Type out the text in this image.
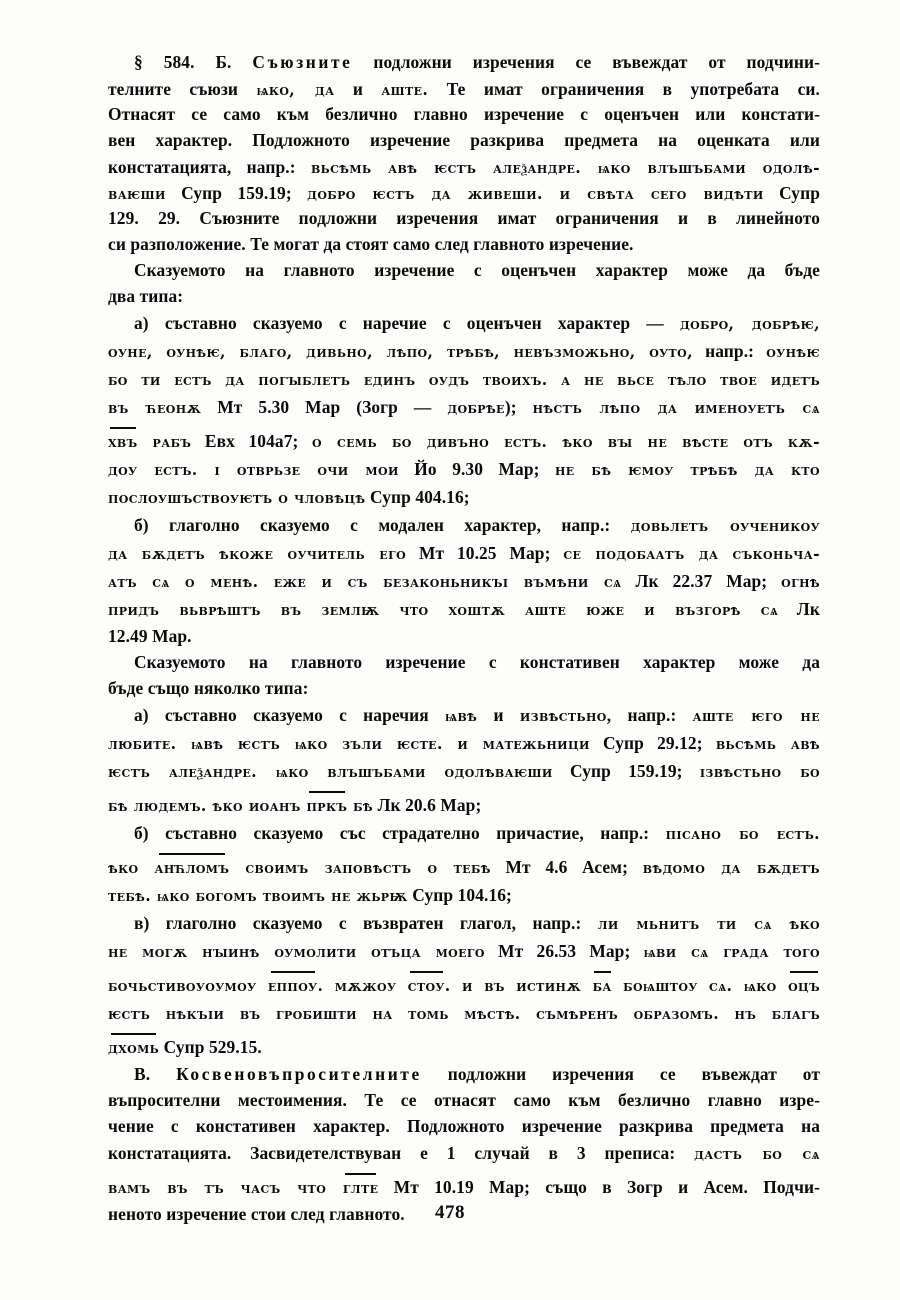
§ 584. Б. Съюзните подложни изречения се въвеждат от подчини-
телните съюзи ѩко, да и аште. Те имат ограничения в употребата си.
Отнасят се само към безлично главно изречение с оценъчен или констати-
вен характер. Подложното изречение разкрива предмета на оценката или
констатацията, напр.: вьсѣмь авѣ ѥстъ алеѯандре. ѩко влъшъбами одолѣ-
ваѥши Супр 159.19; добро ѥстъ да живеши. и свѣта сего видѣти Супр
129. 29. Съюзните подложни изречения имат ограничения и в линейното
си разположение. Те могат да стоят само след главното изречение.
Сказуемото на главното изречение с оценъчен характер може да бъде
два типа:
а) съставно сказуемо с наречие с оценъчен характер — добро, добрѣѥ,
оуне, оунѣѥ, благо, дивьно, лѣпо, трѣбѣ, невъзможьно, оуто, напр.: оунѣѥ
бо ти естъ да погꙑблетъ единъ оудъ твоихъ. а не вьсе тѣло твое идетъ
въ ћеонѫ Мт 5.30 Мар (Зогр — добрѣе); нѣстъ лѣпо да именоуетъ сѧ
хвъ рабъ Евх 104а7; о семь бо дивъно естъ. ѣко вꙑ не вѣсте отъ кѫ-
доу естъ. ι отврьзе очи мои Йо 9.30 Мар; не бѣ ѥмоу трѣбѣ да кто
послоушъствоуѥтъ о чловѣцѣ Супр 404.16;
б) глаголно сказуемо с модален характер, напр.: довьлетъ оученикоу
да бѫдетъ ѣкоже оучитель его Мт 10.25 Мар; се подобаатъ да съконьча-
атъ сѧ о менѣ. еже и съ безаконьникъı въмѣни сѧ Лк 22.37 Мар; огнѣ
придъ вьврѣштъ въ землѭ что хоштѫ аште юже и възгорѣ сѧ Лк
12.49 Мар.
Сказуемото на главното изречение с констативен характер може да
бъде също няколко типа:
а) съставно сказуемо с наречия ѩвѣ и извѣстьно, напр.: аште ѥго не
любите. ѩвѣ ѥстъ ѩко зъли ѥсте. и матежьници Супр 29.12; вьсѣмь авѣ
ѥстъ алеѯандре. ѩко влъшъбами одолѣваѥши Супр 159.19; ιзвѣстьно бо
бѣ людемъ. ѣко иоанъ пркъ бѣ Лк 20.6 Мар;
б) съставно сказуемо със страдателно причастие, напр.: пιсано бо естъ.
ѣко анћломъ своимъ заповѣстъ о тебѣ Мт 4.6 Асем; вѣдомо да бѫдетъ
тебѣ. ѩко богомъ твоимъ не жьрѭ Супр 104.16;
в) глаголно сказуемо с възвратен глагол, напр.: ли мьнитъ ти сѧ ѣко
не могѫ нꙑинѣ оумолити отъца моего Мт 26.53 Мар; ѩви сѧ града того
бочьстивоуоумоу еппоу. мѫжоу стоу. и въ истинѫ ба боѩштоу сѧ. ѩко оцъ
ѥстъ нѣкъıи въ гробишти на томь мѣстѣ. съмѣренъ образомъ. нъ благъ
дхомь Супр 529.15.
В. Косвеновъпросителните подложни изречения се въвеждат от
въпросителни местоимения. Те се отнасят само към безлично главно изре-
чение с констативен характер. Подложното изречение разкрива предмета на
констатацията. Засвидетелствуван е 1 случай в 3 преписа: дастъ бо сѧ
вамъ въ тъ часъ что глте Мт 10.19 Мар; също в Зогр и Асем. Подчи-
неното изречение стои след главното.	478
